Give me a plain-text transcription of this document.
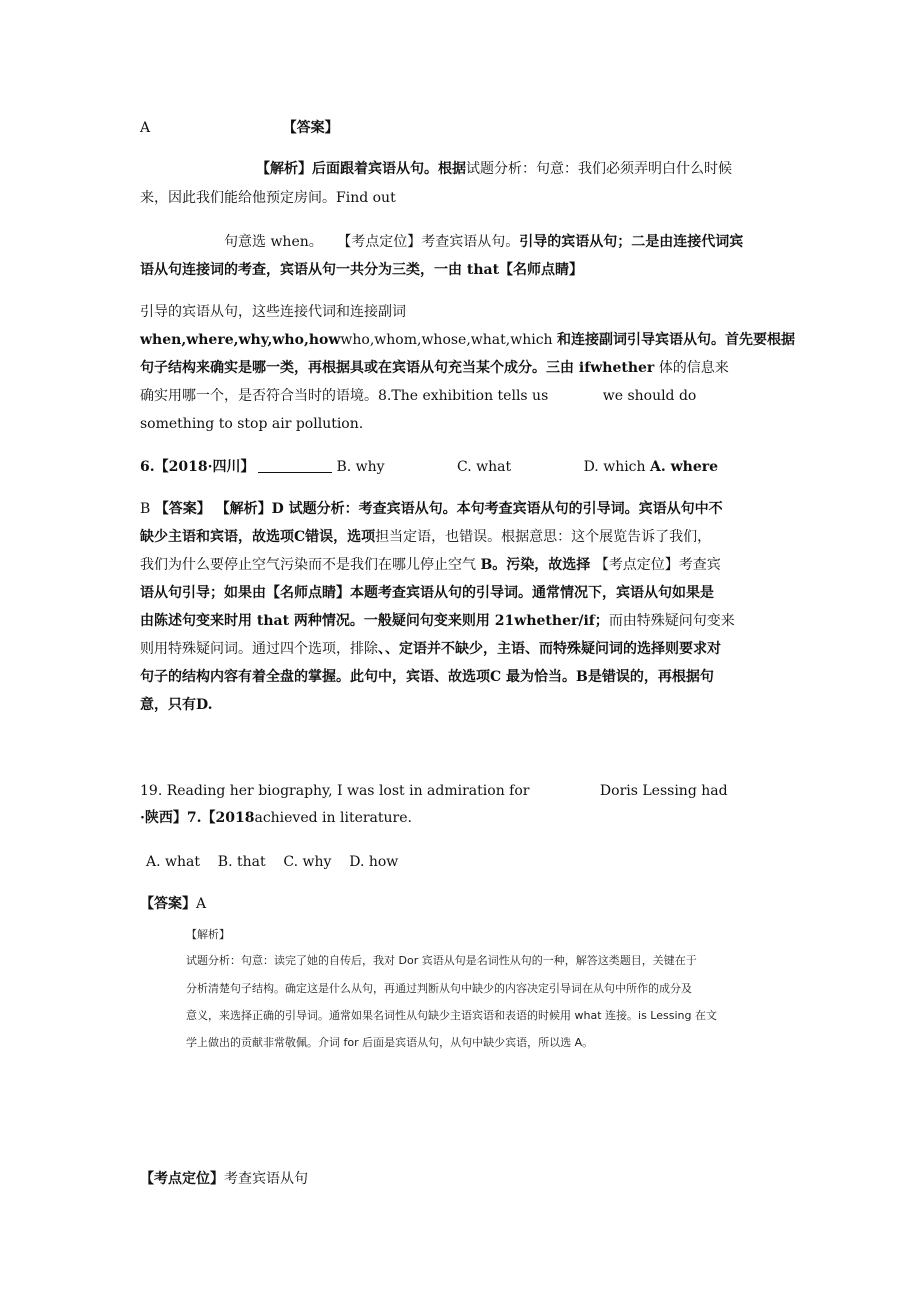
A	【答案】
【解析】后面跟着宾语从句。根据试题分析：句意：我们必须弄明白什么时候
来，因此我们能给他预定房间。Find out
句意选 when。 【考点定位】考查宾语从句。引导的宾语从句；二是由连接代词宾
语从句连接词的考查，宾语从句一共分为三类，一由 that【名师点睛】
引导的宾语从句，这些连接代词和连接副词
when,where,why,who,howwho,whom,whose,what,which 和连接副词引导宾语从句。首先要根据
句子结构来确实是哪一类，再根据具或在宾语从句充当某个成分。三由 ifwhether 体的信息来
确实用哪一个，是否符合当时的语境。8.The exhibition tells us	we should do
something to stop air pollution.
6.【2018·四川】	B. why	C. what	D. which A. where
B 【答案】 【解析】D 试题分析：考查宾语从句。本句考查宾语从句的引导词。宾语从句中不
缺少主语和宾语，故选项C错误，选项担当定语，也错误。根据意思：这个展览告诉了我们，
我们为什么要停止空气污染而不是我们在哪儿停止空气 B。污染，故选择 【考点定位】考查宾
语从句引导；如果由【名师点睛】本题考查宾语从句的引导词。通常情况下，宾语从句如果是
由陈述句变来时用 that 两种情况。一般疑问句变来则用 21whether/if；而由特殊疑问句变来
则用特殊疑问词。通过四个选项，排除、、定语并不缺少，主语、而特殊疑问词的选择则要求对
句子的结构内容有着全盘的掌握。此句中，宾语、故选项C 最为恰当。B是错误的，再根据句
意，只有D.
19. Reading her biography, I was lost in admiration for	Doris Lessing had
·陕西】7.【2018achieved in literature.
A. what    B. that    C. why    D. how
【答案】A
【解析】
试题分析：句意：读完了她的自传后，我对 Dor 宾语从句是名词性从句的一种，解答这类题目，关键在于
分析清楚句子结构。确定这是什么从句，再通过判断从句中缺少的内容决定引导词在从句中所作的成分及
意义，来选择正确的引导词。通常如果名词性从句缺少主语宾语和表语的时候用 what 连接。is Lessing 在文
学上做出的贡献非常敬佩。介词 for 后面是宾语从句，从句中缺少宾语，所以选 A。
【考点定位】考查宾语从句
